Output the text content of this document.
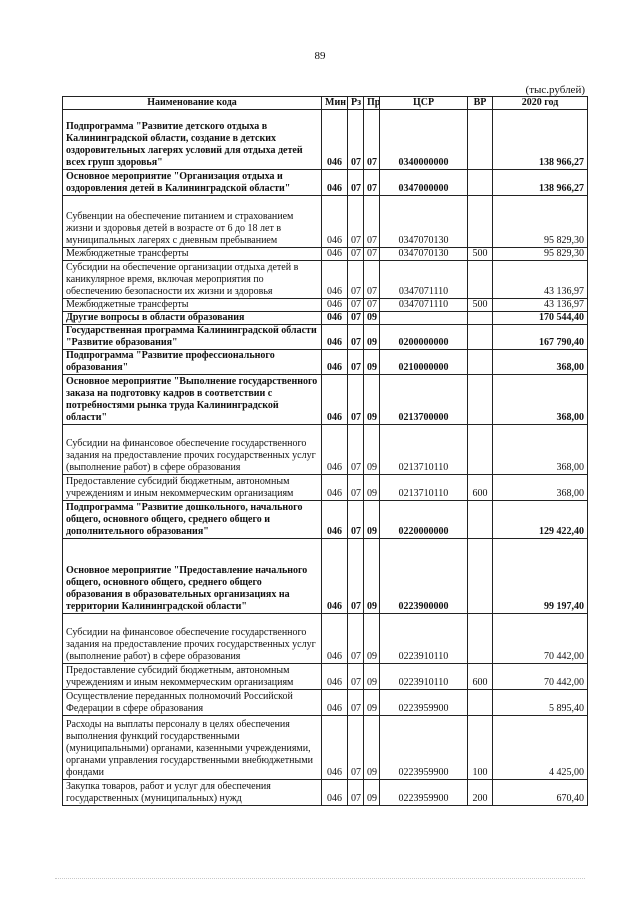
89
(тыс.рублей)
Наименование кода	Мин	Рз	Пр	ЦСР	ВР	2020 год
Подпрограмма "Развитие детского отдыха в Калининградской области, создание в детских оздоровительных лагерях условий для отдыха детей всех групп здоровья"	046	07	07	0340000000		138 966,27
Основное мероприятие "Организация отдыха и оздоровления детей в Калининградской области"	046	07	07	0347000000		138 966,27
Субвенции на обеспечение питанием и страхованием жизни и здоровья детей в возрасте от 6 до 18 лет в муниципальных лагерях с дневным пребыванием	046	07	07	0347070130		95 829,30
Межбюджетные трансферты	046	07	07	0347070130	500	95 829,30
Субсидии на обеспечение организации отдыха детей в каникулярное время, включая мероприятия по обеспечению безопасности их жизни и здоровья	046	07	07	0347071110		43 136,97
Межбюджетные трансферты	046	07	07	0347071110	500	43 136,97
Другие вопросы в области образования	046	07	09			170 544,40
Государственная программа Калининградской области "Развитие образования"	046	07	09	0200000000		167 790,40
Подпрограмма "Развитие профессионального образования"	046	07	09	0210000000		368,00
Основное мероприятие "Выполнение государственного заказа на подготовку кадров в соответствии с потребностями рынка труда Калининградской области"	046	07	09	0213700000		368,00
Субсидии на финансовое обеспечение государственного задания на предоставление прочих государственных услуг (выполнение работ) в сфере образования	046	07	09	0213710110		368,00
Предоставление субсидий бюджетным, автономным учреждениям и иным некоммерческим организациям	046	07	09	0213710110	600	368,00
Подпрограмма "Развитие дошкольного, начального общего, основного общего, среднего общего и дополнительного образования"	046	07	09	0220000000		129 422,40
Основное мероприятие "Предоставление начального общего, основного общего, среднего общего образования в образовательных организациях на территории Калининградской области"	046	07	09	0223900000		99 197,40
Субсидии на финансовое обеспечение государственного задания на предоставление прочих государственных услуг (выполнение работ) в сфере образования	046	07	09	0223910110		70 442,00
Предоставление субсидий бюджетным, автономным учреждениям и иным некоммерческим организациям	046	07	09	0223910110	600	70 442,00
Осуществление переданных полномочий Российской Федерации в сфере образования	046	07	09	0223959900		5 895,40
Расходы на выплаты персоналу в целях обеспечения выполнения функций государственными (муниципальными) органами, казенными учреждениями, органами управления государственными внебюджетными фондами	046	07	09	0223959900	100	4 425,00
Закупка товаров, работ и услуг для обеспечения государственных (муниципальных) нужд	046	07	09	0223959900	200	670,40
